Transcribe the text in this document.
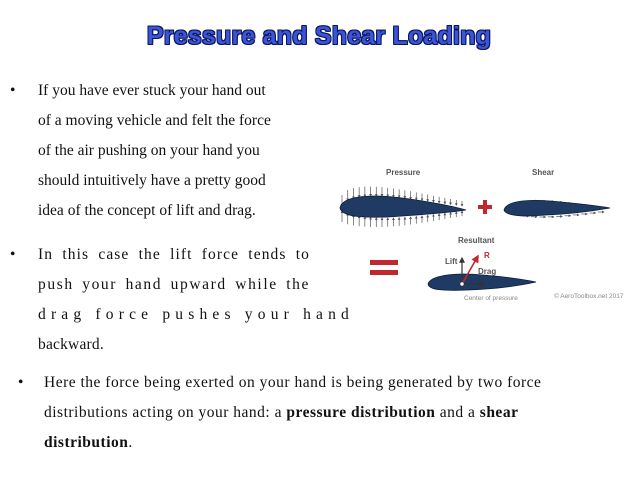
Pressure and Shear Loading
• If you have ever stuck your hand out
of a moving vehicle and felt the force
of the air pushing on your hand you
should intuitively have a pretty good
idea of the concept of lift and drag.
• In this case the lift force tends to
push your hand upward while the
drag force pushes your hand
backward.
• Here the force being exerted on your hand is being generated by two force
distributions acting on your hand: a pressure distribution and a shear
distribution.
Pressure	Shear
Resultant
Lift
R
Drag
Center of pressure	© AeroToolbox.net 2017
